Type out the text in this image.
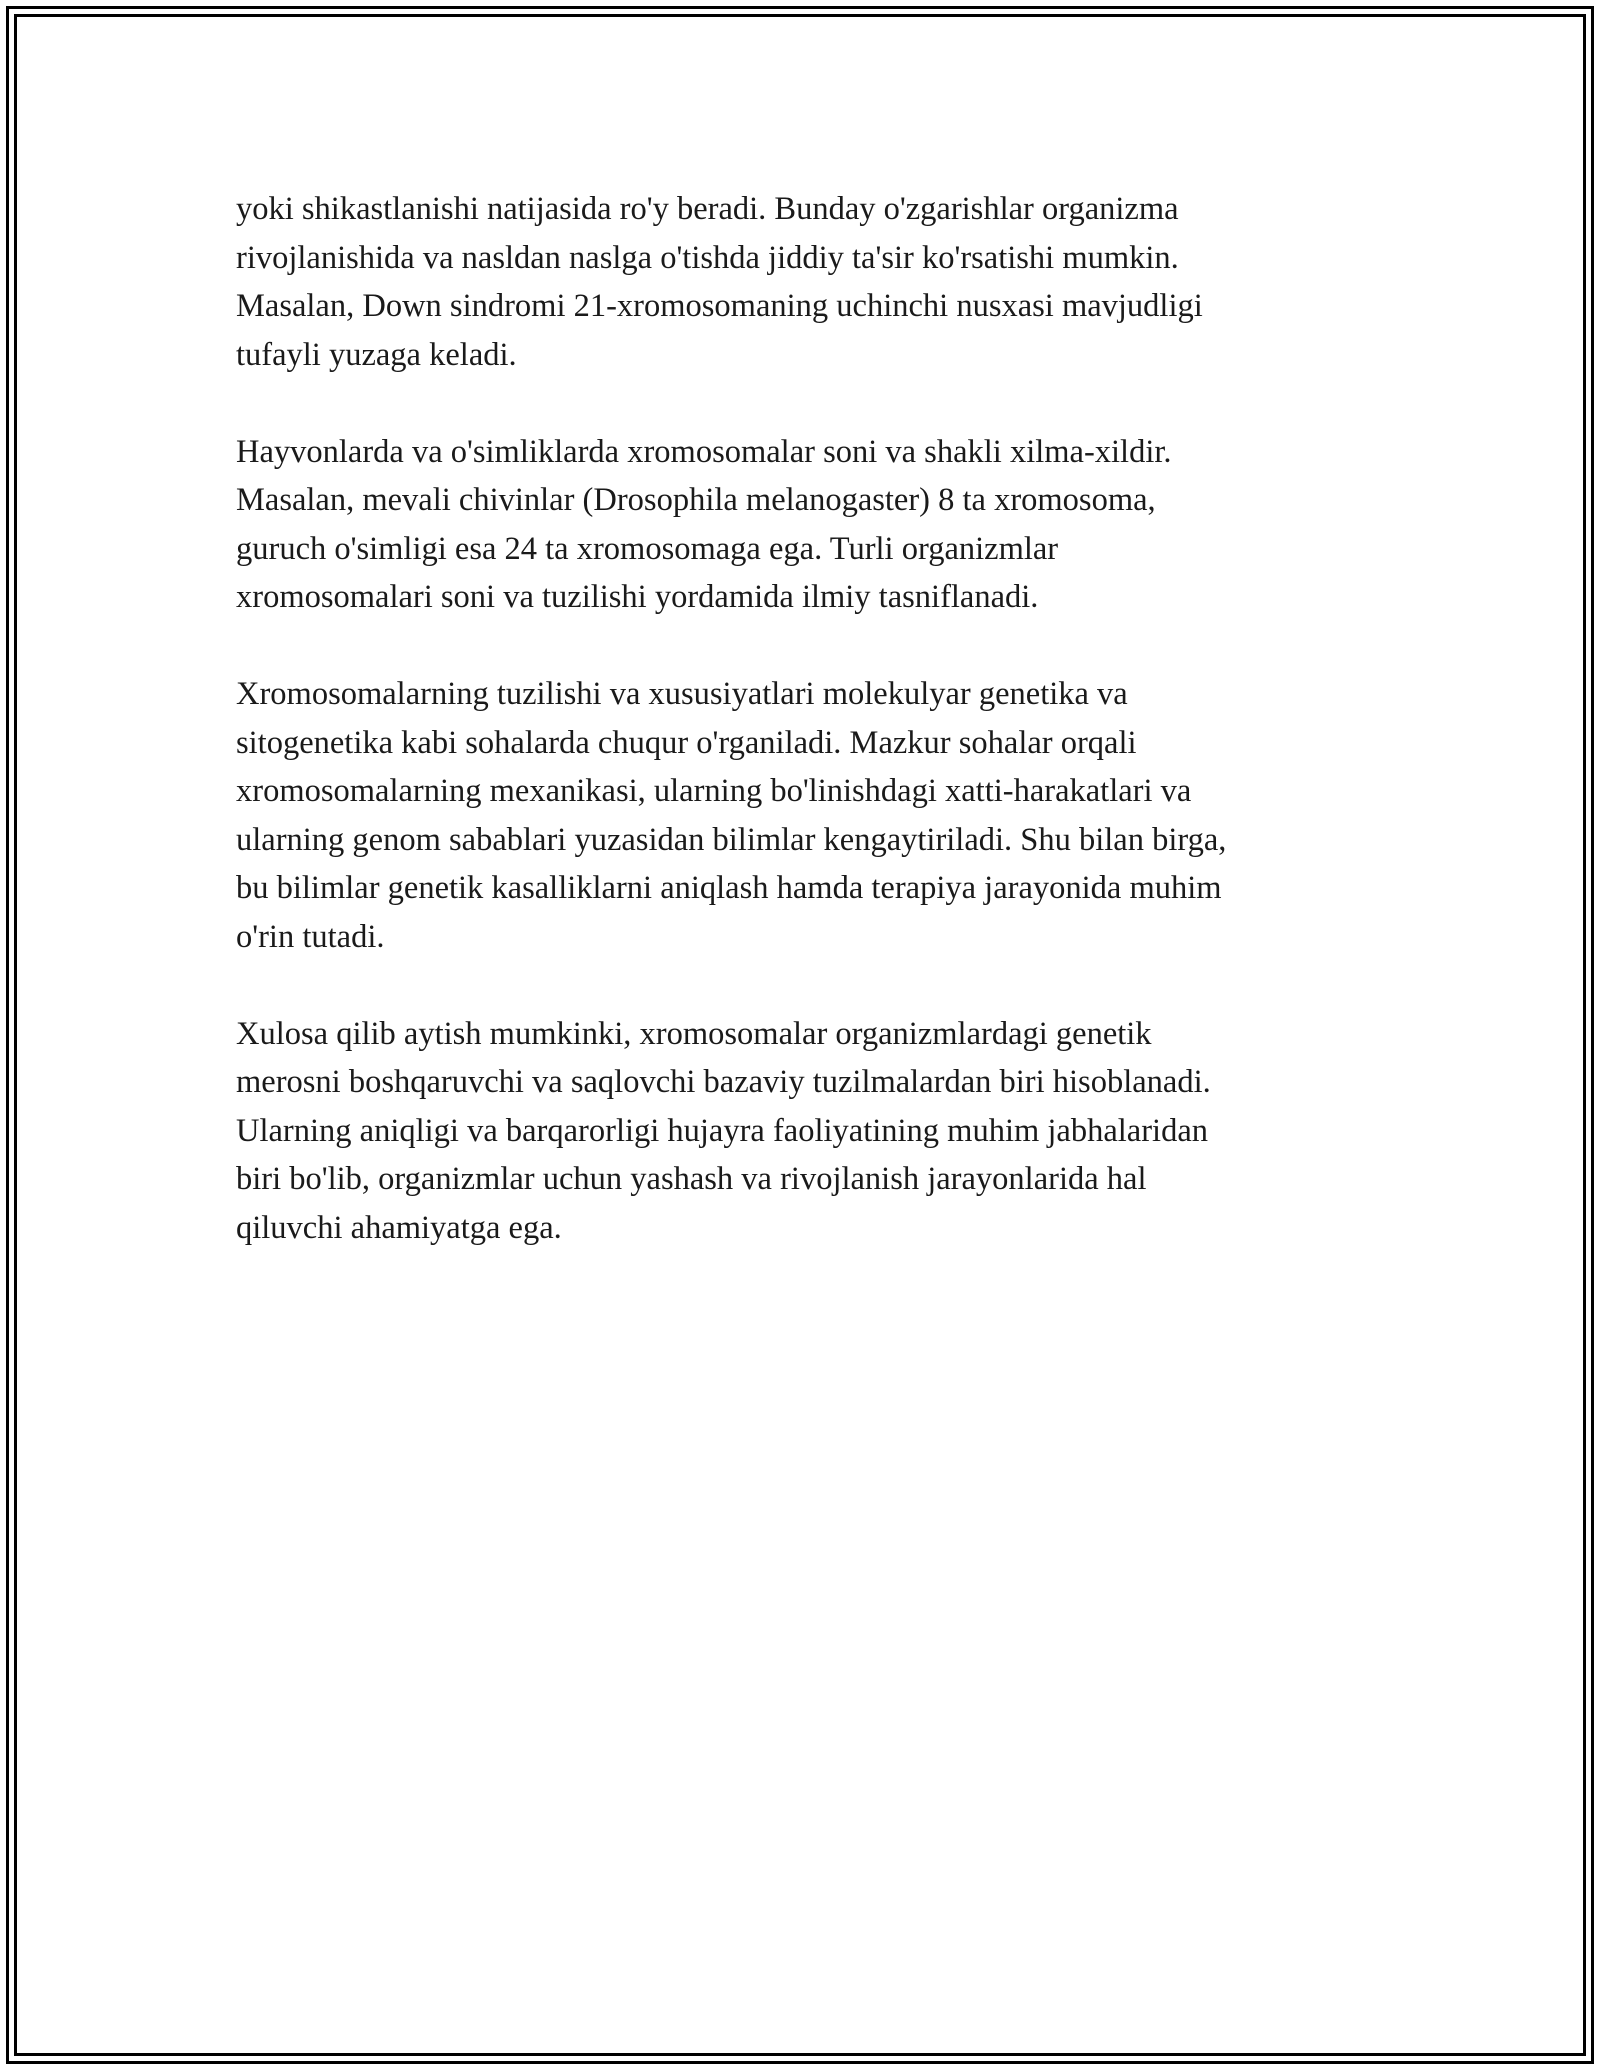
yoki shikastlanishi natijasida ro'y beradi. Bunday o'zgarishlar organizma
rivojlanishida va nasldan naslga o'tishda jiddiy ta'sir ko'rsatishi mumkin.
Masalan, Down sindromi 21-xromosomaning uchinchi nusxasi mavjudligi
tufayli yuzaga keladi.

Hayvonlarda va o'simliklarda xromosomalar soni va shakli xilma-xildir.
Masalan, mevali chivinlar (Drosophila melanogaster) 8 ta xromosoma,
guruch o'simligi esa 24 ta xromosomaga ega. Turli organizmlar
xromosomalari soni va tuzilishi yordamida ilmiy tasniflanadi.

Xromosomalarning tuzilishi va xususiyatlari molekulyar genetika va
sitogenetika kabi sohalarda chuqur o'rganiladi. Mazkur sohalar orqali
xromosomalarning mexanikasi, ularning bo'linishdagi xatti-harakatlari va
ularning genom sabablari yuzasidan bilimlar kengaytiriladi. Shu bilan birga,
bu bilimlar genetik kasalliklarni aniqlash hamda terapiya jarayonida muhim
o'rin tutadi.

Xulosa qilib aytish mumkinki, xromosomalar organizmlardagi genetik
merosni boshqaruvchi va saqlovchi bazaviy tuzilmalardan biri hisoblanadi.
Ularning aniqligi va barqarorligi hujayra faoliyatining muhim jabhalaridan
biri bo'lib, organizmlar uchun yashash va rivojlanish jarayonlarida hal
qiluvchi ahamiyatga ega.
